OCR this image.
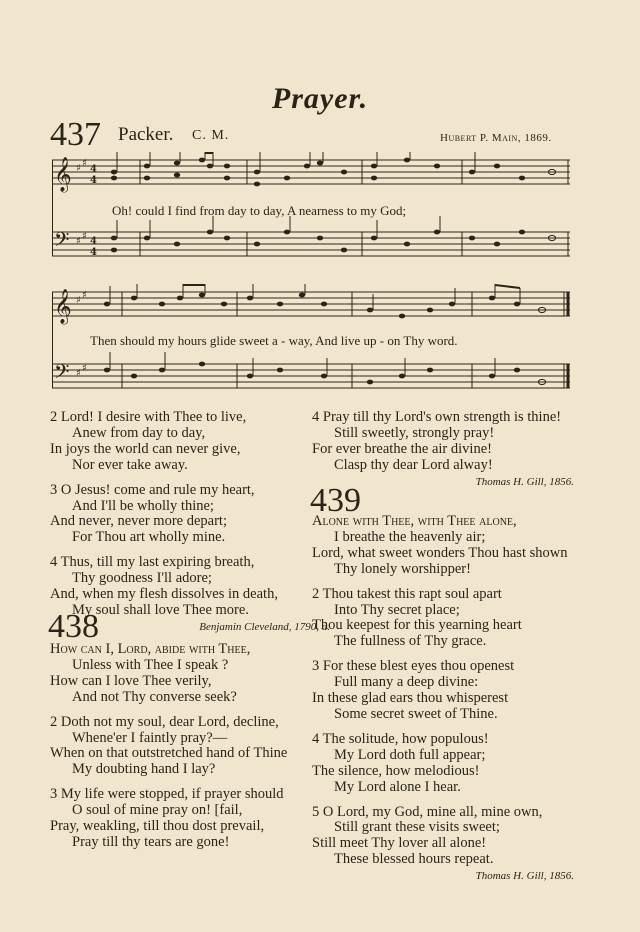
Prayer.
437 Packer. C. M.	Hubert P. Main, 1869.
𝄞
𝄢
♯ ♯
♯ ♯
4
4
4
4
Oh! could I find from day to day, A nearness to my God;
𝄞
𝄢
♯ ♯
♯ ♯
Then should my hours glide sweet a - way, And live up - on Thy word.
2 Lord! I desire with Thee to live,
Anew from day to day,
In joys the world can never give,
Nor ever take away.
3 O Jesus! come and rule my heart,
And I'll be wholly thine;
And never, never more depart;
For Thou art wholly mine.
4 Thus, till my last expiring breath,
Thy goodness I'll adore;
And, when my flesh dissolves in death,
My soul shall love Thee more.
Benjamin Cleveland, 1790, a.
438
How can I, Lord, abide with Thee,
Unless with Thee I speak ?
How can I love Thee verily,
And not Thy converse seek?
2 Doth not my soul, dear Lord, decline,
Whene'er I faintly pray?—
When on that outstretched hand of Thine
My doubting hand I lay?
3 My life were stopped, if prayer should
O soul of mine pray on! [fail,
Pray, weakling, till thou dost prevail,
Pray till thy tears are gone!
4 Pray till thy Lord's own strength is thine!
Still sweetly, strongly pray!
For ever breathe the air divine!
Clasp thy dear Lord alway!
Thomas H. Gill, 1856.
439
Alone with Thee, with Thee alone,
I breathe the heavenly air;
Lord, what sweet wonders Thou hast shown
Thy lonely worshipper!
2 Thou takest this rapt soul apart
Into Thy secret place;
Thou keepest for this yearning heart
The fullness of Thy grace.
3 For these blest eyes thou openest
Full many a deep divine:
In these glad ears thou whisperest
Some secret sweet of Thine.
4 The solitude, how populous!
My Lord doth full appear;
The silence, how melodious!
My Lord alone I hear.
5 O Lord, my God, mine all, mine own,
Still grant these visits sweet;
Still meet Thy lover all alone!
These blessed hours repeat.
Thomas H. Gill, 1856.
